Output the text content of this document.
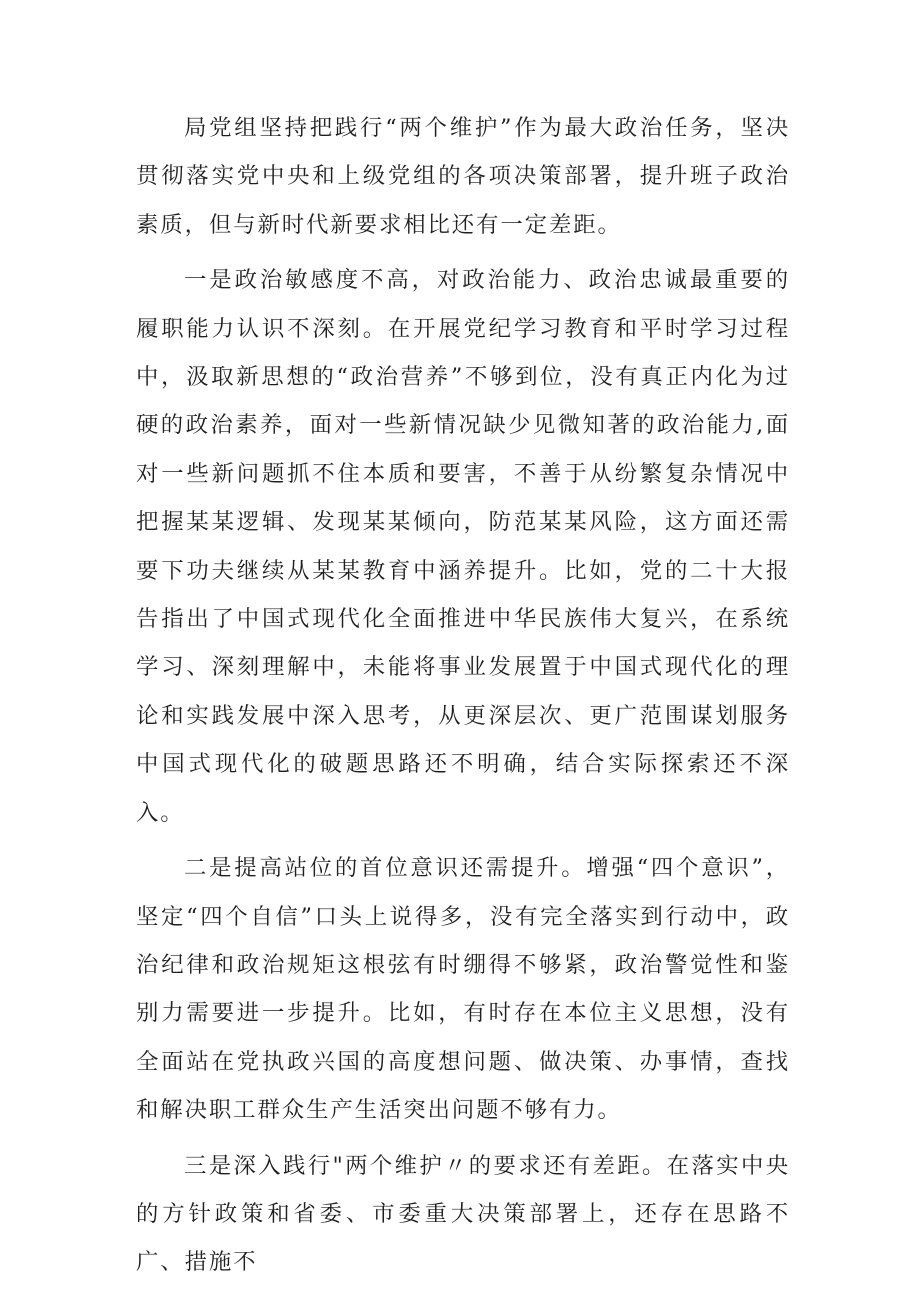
局党组坚持把践行“两个维护”作为最大政治任务，坚决贯彻落实党中央和上级党组的各项决策部署，提升班子政治素质，但与新时代新要求相比还有一定差距。

一是政治敏感度不高，对政治能力、政治忠诚最重要的履职能力认识不深刻。在开展党纪学习教育和平时学习过程中，汲取新思想的“政治营养”不够到位，没有真正内化为过硬的政治素养，面对一些新情况缺少见微知著的政治能力,面对一些新问题抓不住本质和要害，不善于从纷繁复杂情况中把握某某逻辑、发现某某倾向，防范某某风险，这方面还需要下功夫继续从某某教育中涵养提升。比如，党的二十大报告指出了中国式现代化全面推进中华民族伟大复兴，在系统学习、深刻理解中，未能将事业发展置于中国式现代化的理论和实践发展中深入思考，从更深层次、更广范围谋划服务中国式现代化的破题思路还不明确，结合实际探索还不深入。

二是提高站位的首位意识还需提升。增强“四个意识”，坚定“四个自信”口头上说得多，没有完全落实到行动中，政治纪律和政治规矩这根弦有时绷得不够紧，政治警觉性和鉴别力需要进一步提升。比如，有时存在本位主义思想，没有全面站在党执政兴国的高度想问题、做决策、办事情，查找和解决职工群众生产生活突出问题不够有力。

三是深入践行"两个维护〃的要求还有差距。在落实中央的方针政策和省委、市委重大决策部署上，还存在思路不广、措施不
